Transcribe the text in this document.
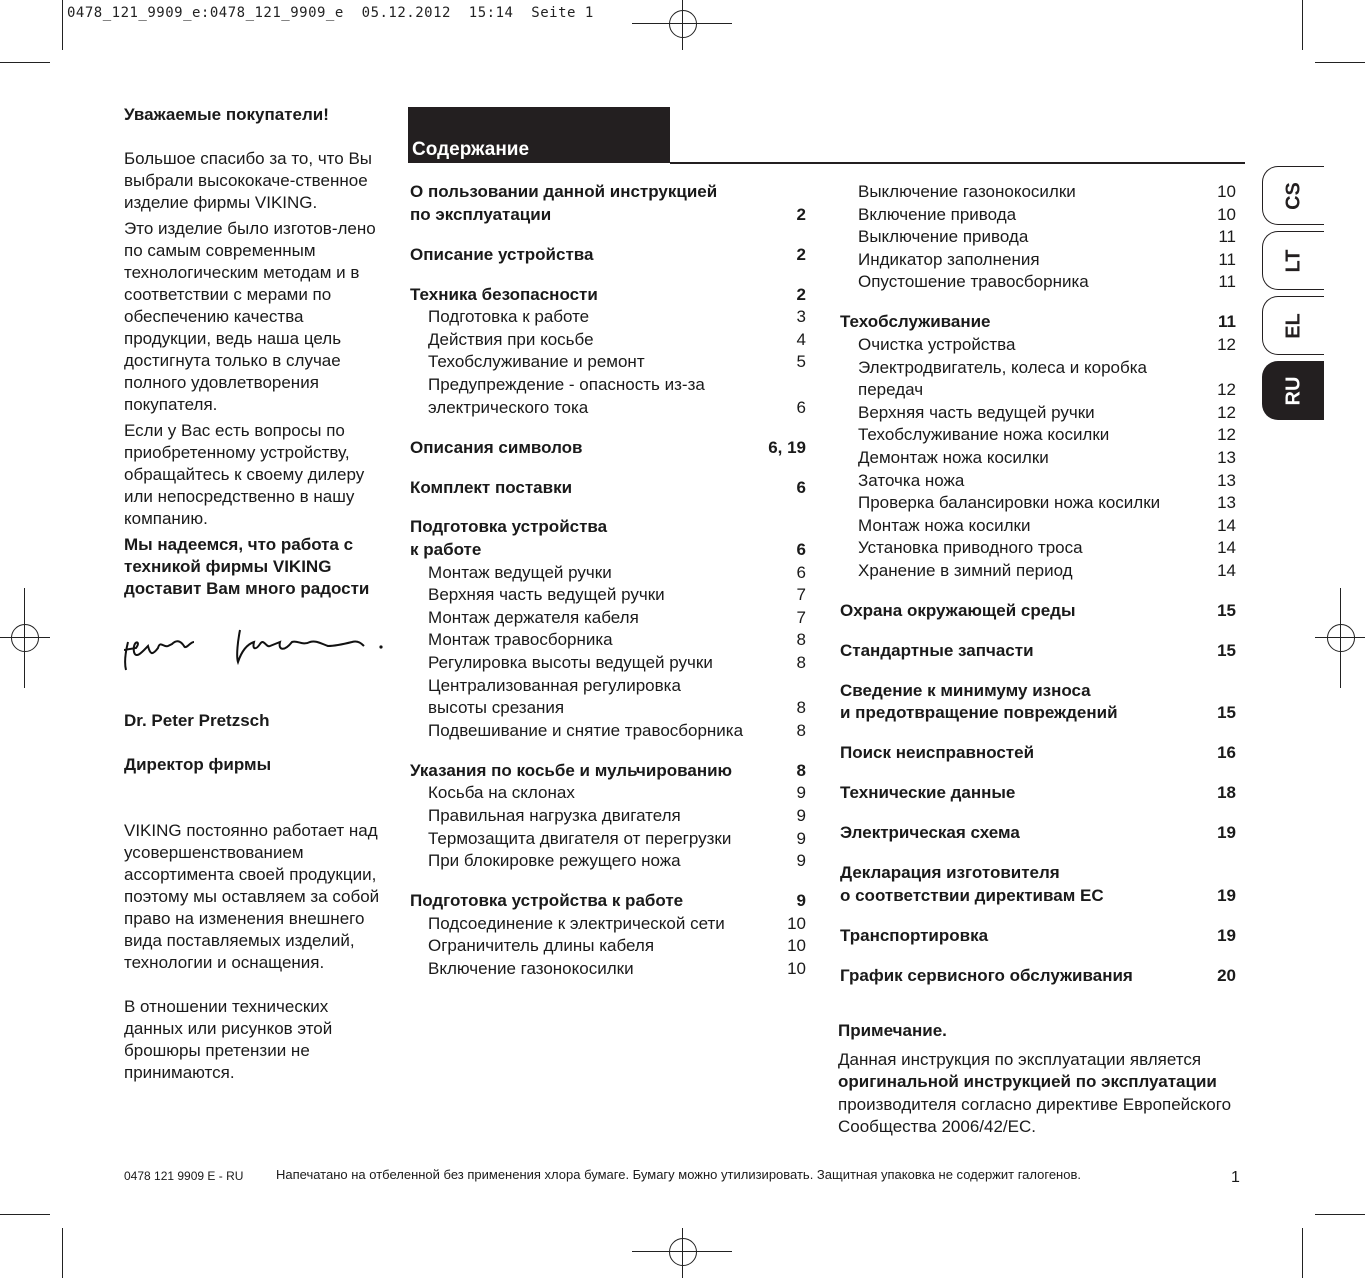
0478_121_9909_e:0478_121_9909_e  05.12.2012  15:14  Seite 1

Уважаемые покупатели!

Большое спасибо за то, что Вы выбрали высококаче-ственное изделие фирмы VIKING.

Это изделие было изготов-лено по самым современным технологическим методам и в соответствии с мерами по обеспечению качества продукции, ведь наша цель достигнута только в случае полного удовлетворения покупателя.

Если у Вас есть вопросы по приобретенному устройству, обращайтесь к своему дилеру или непосредственно в нашу компанию.

Мы надеемся, что работа с техникой фирмы VIKING доставит Вам много радости

Dr. Peter Pretzsch

Директор фирмы

VIKING постоянно работает над усовершенствованием ассортимента своей продукции, поэтому мы оставляем за собой право на изменения внешнего вида поставляемых изделий, технологии и оснащения.

В отношении технических данных или рисунков этой брошюры претензии не принимаются.

Содержание
О пользовании данной инструкцией
по эксплуатации	2
Описание устройства	2
Техника безопасности	2
Подготовка к работе	3
Действия при косьбе	4
Техобслуживание и ремонт	5
Предупреждение - опасность из-за
электрического тока	6
Описания символов	6, 19
Комплект поставки	6
Подготовка устройства
к работе	6
Монтаж ведущей ручки	6
Верхняя часть ведущей ручки	7
Монтаж держателя кабеля	7
Монтаж травосборника	8
Регулировка высоты ведущей ручки	8
Централизованная регулировка
высоты срезания	8
Подвешивание и снятие травосборника	8
Указания по косьбе и мульчированию	8
Косьба на склонах	9
Правильная нагрузка двигателя	9
Термозащита двигателя от перегрузки	9
При блокировке режущего ножа	9
Подготовка устройства к работе	9
Подсоединение к электрической сети	10
Ограничитель длины кабеля	10
Включение газонокосилки	10
Выключение газонокосилки	10
Включение привода	10
Выключение привода	11
Индикатор заполнения	11
Опустошение травосборника	11
Техобслуживание	11
Очистка устройства	12
Электродвигатель, колеса и коробка
передач	12
Верхняя часть ведущей ручки	12
Техобслуживание ножа косилки	12
Демонтаж ножа косилки	13
Заточка ножа	13
Проверка балансировки ножа косилки	13
Монтаж ножа косилки	14
Установка приводного троса	14
Хранение в зимний период	14
Охрана окружающей среды	15
Стандартные запчасти	15
Сведение к минимуму износа
и предотвращение повреждений	15
Поиск неисправностей	16
Технические данные	18
Электрическая схема	19
Декларация изготовителя
о соответствии директивам ЕС	19
Транспортировка	19
График сервисного обслуживания	20
CS
LT
EL
RU

Примечание.

Данная инструкция по эксплуатации является оригинальной инструкцией по эксплуатации производителя согласно директиве Европейского Сообщества 2006/42/EC.

0478 121 9909 E - RU	Напечатано на отбеленной без применения хлора бумаге. Бумагу можно утилизировать. Защитная упаковка не содержит галогенов.	1
